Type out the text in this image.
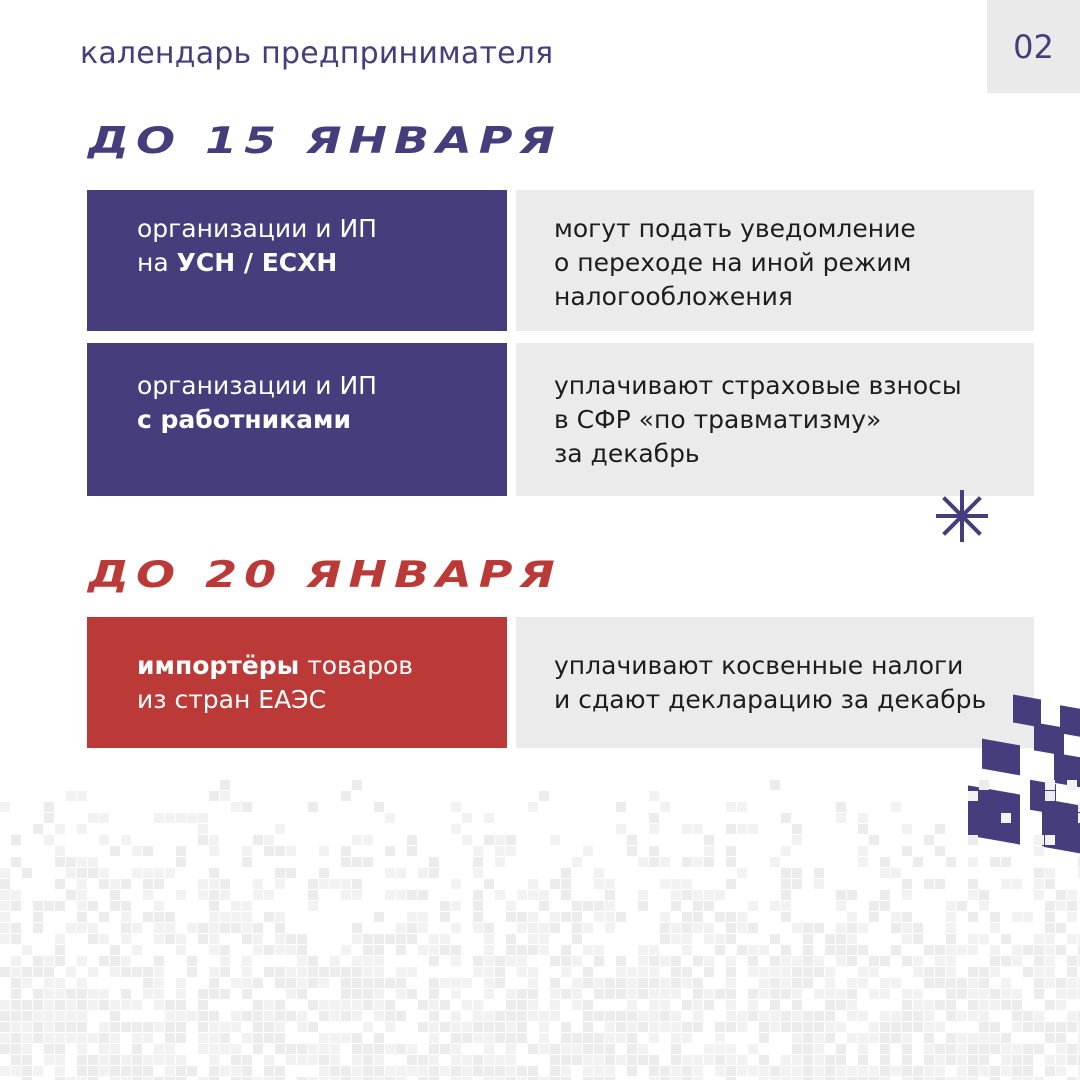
календарь предпринимателя	02
ДО 15 ЯНВАРЯ
организации и ИП
на УСН / ЕСХН
могут подать уведомление
о переходе на иной режим
налогообложения
организации и ИП
с работниками
уплачивают страховые взносы
в СФР «по травматизму»
за декабрь
ДО 20 ЯНВАРЯ
импортёры товаров
из стран ЕАЭС
уплачивают косвенные налоги
и сдают декларацию за декабрь
